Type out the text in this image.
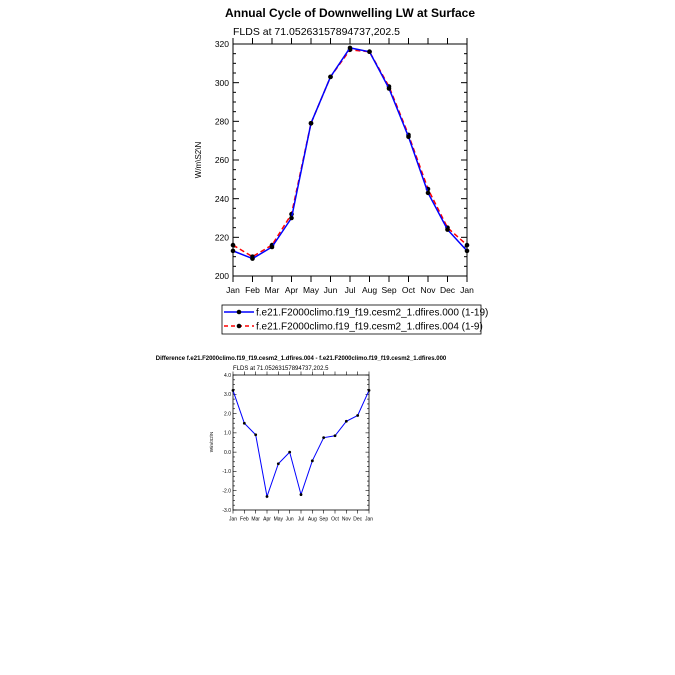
Annual Cycle of Downwelling LW at Surface
FLDS at 71.05263157894737,202.5
W/m\S2\N
200
220
240
260
280
300
320
Jan Feb Mar Apr May Jun Jul Aug Sep Oct Nov Dec Jan
f.e21.F2000climo.f19_f19.cesm2_1.dfires.000 (1-19)
f.e21.F2000climo.f19_f19.cesm2_1.dfires.004 (1-9)
Difference f.e21.F2000climo.f19_f19.cesm2_1.dfires.004 - f.e21.F2000climo.f19_f19.cesm2_1.dfires.000
FLDS at 71.05263157894737,202.5
W/m\S2\N
-3.0
-2.0
-1.0
0.0
1.0
2.0
3.0
4.0
Jan Feb Mar Apr May Jun Jul Aug Sep Oct Nov Dec Jan
